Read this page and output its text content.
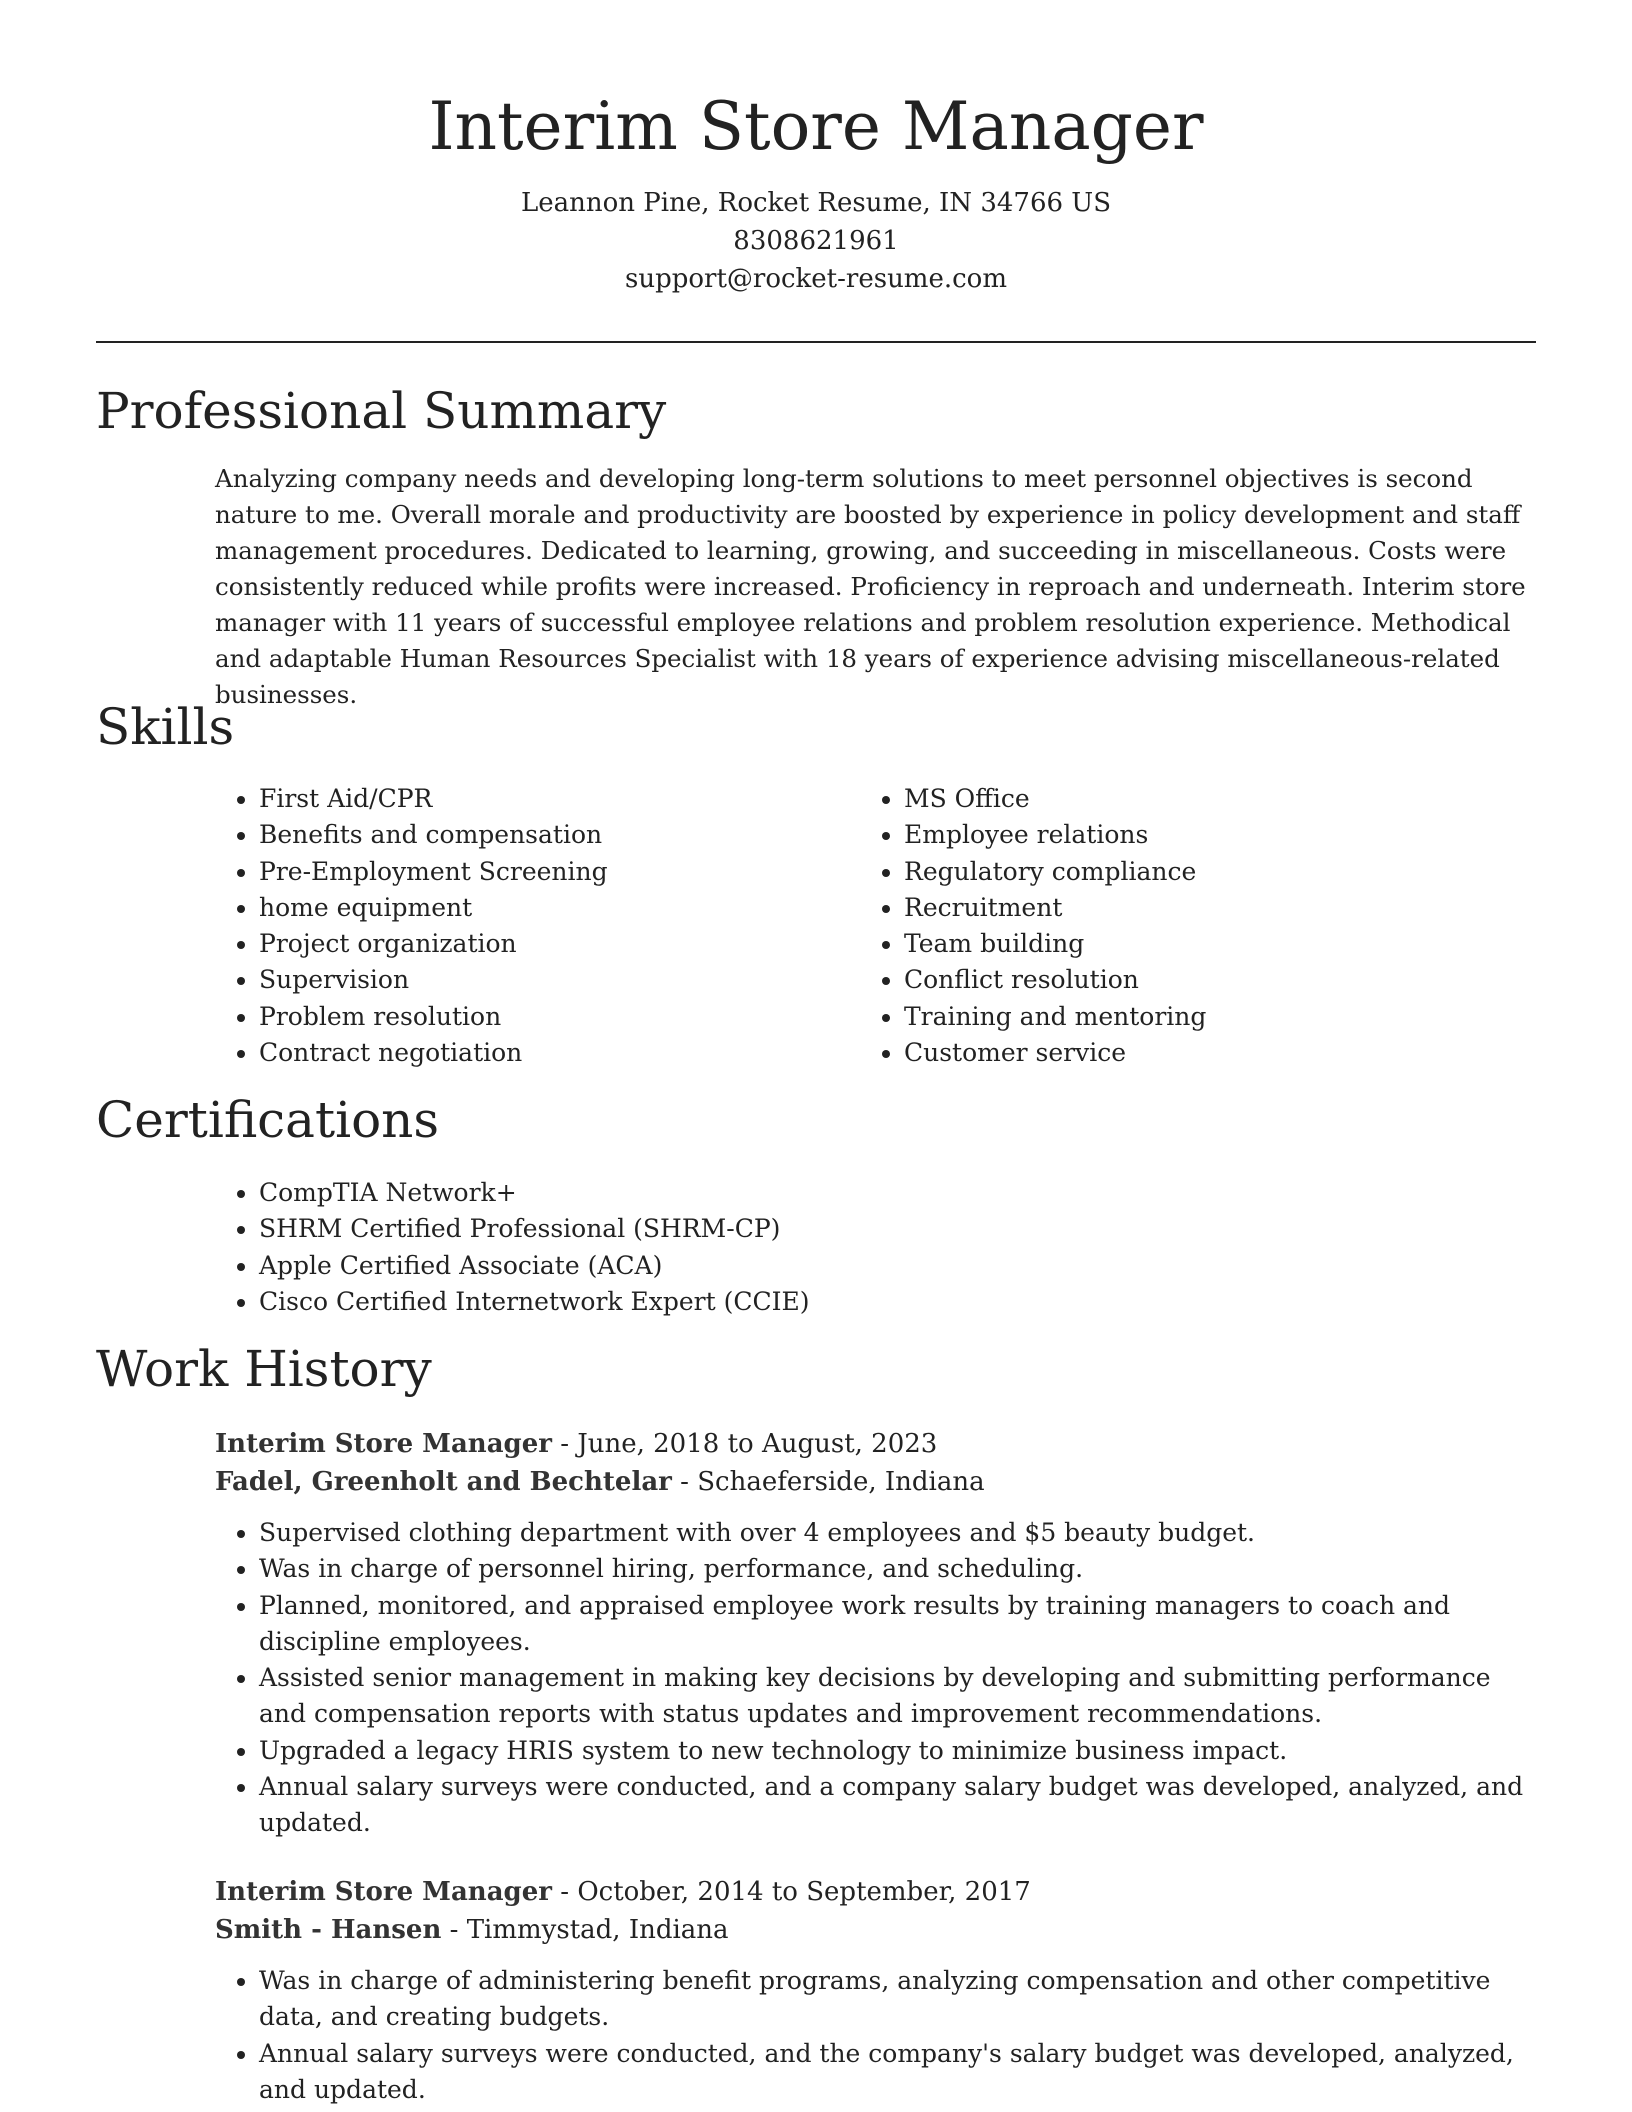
Interim Store Manager
Leannon Pine, Rocket Resume, IN 34766 US
8308621961
support@rocket-resume.com
Professional Summary

Analyzing company needs and developing long-term solutions to meet personnel objectives is second nature to me. Overall morale and productivity are boosted by experience in policy development and staff management procedures. Dedicated to learning, growing, and succeeding in miscellaneous. Costs were consistently reduced while profits were increased. Proficiency in reproach and underneath. Interim store manager with 11 years of successful employee relations and problem resolution experience. Methodical and adaptable Human Resources Specialist with 18 years of experience advising miscellaneous-related businesses.

Skills
• First Aid/CPR
• Benefits and compensation
• Pre-Employment Screening
• home equipment
• Project organization
• Supervision
• Problem resolution
• Contract negotiation
• MS Office
• Employee relations
• Regulatory compliance
• Recruitment
• Team building
• Conflict resolution
• Training and mentoring
• Customer service
Certifications
• CompTIA Network+
• SHRM Certified Professional (SHRM-CP)
• Apple Certified Associate (ACA)
• Cisco Certified Internetwork Expert (CCIE)
Work History

Interim Store Manager - June, 2018 to August, 2023

Fadel, Greenholt and Bechtelar - Schaeferside, Indiana

• Supervised clothing department with over 4 employees and $5 beauty budget.
• Was in charge of personnel hiring, performance, and scheduling.
• Planned, monitored, and appraised employee work results by training managers to coach and discipline employees.
• Assisted senior management in making key decisions by developing and submitting performance and compensation reports with status updates and improvement recommendations.
• Upgraded a legacy HRIS system to new technology to minimize business impact.
• Annual salary surveys were conducted, and a company salary budget was developed, analyzed, and updated.

Interim Store Manager - October, 2014 to September, 2017

Smith - Hansen - Timmystad, Indiana

• Was in charge of administering benefit programs, analyzing compensation and other competitive data, and creating budgets.
• Annual salary surveys were conducted, and the company's salary budget was developed, analyzed, and updated.
